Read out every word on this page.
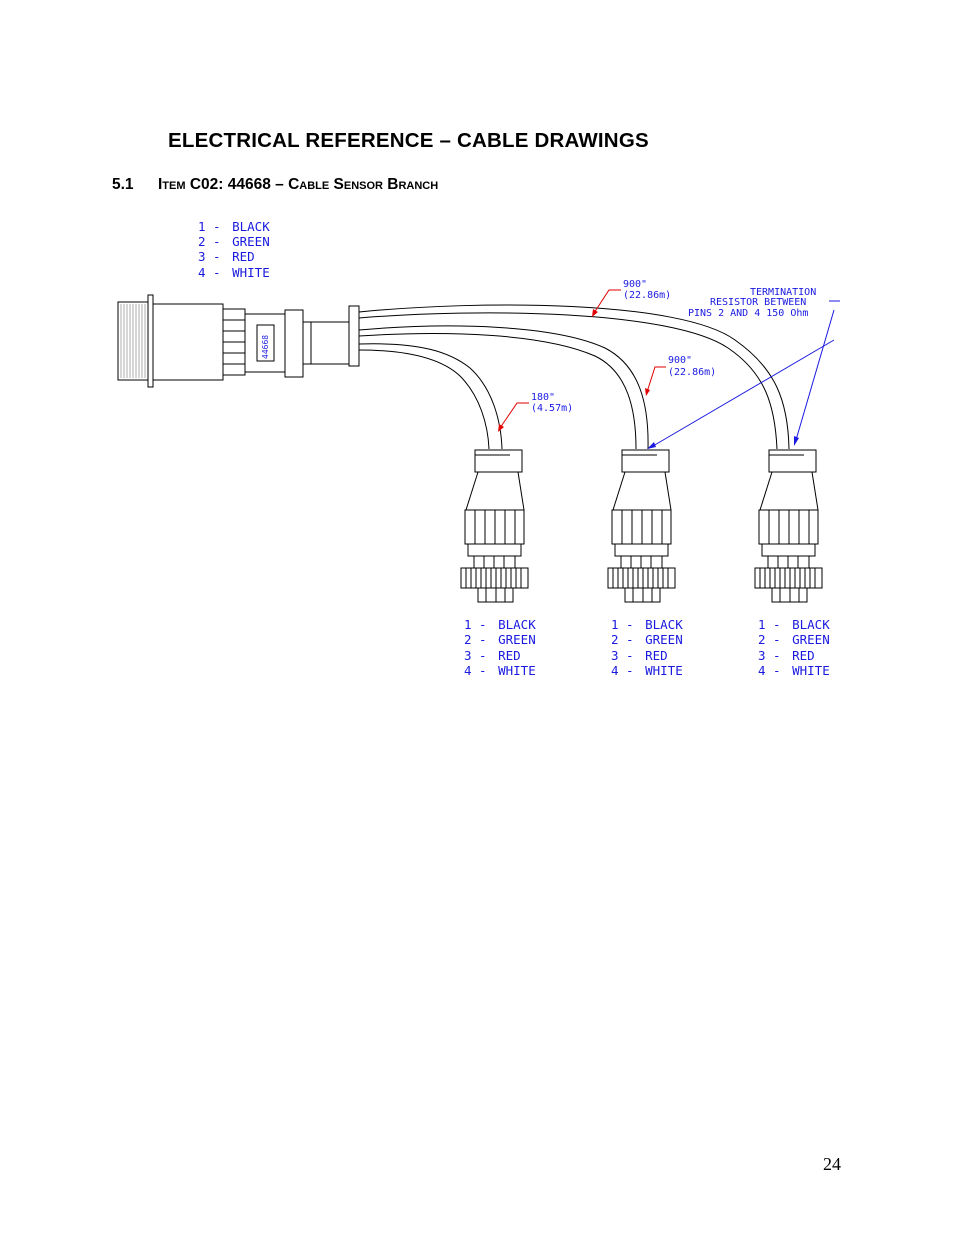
ELECTRICAL REFERENCE – CABLE DRAWINGS
5.1 Item C02: 44668 – Cable Sensor Branch
1 - BLACK
2 - GREEN
3 - RED
4 - WHITE
44668
900"
(22.86m)
900"
(22.86m)
180"
(4.57m)
TERMINATION
RESISTOR BETWEEN
PINS 2 AND 4 150 Ohm
1 - BLACK
2 - GREEN
3 - RED
4 - WHITE
1 - BLACK
2 - GREEN
3 - RED
4 - WHITE
1 - BLACK
2 - GREEN
3 - RED
4 - WHITE
24
